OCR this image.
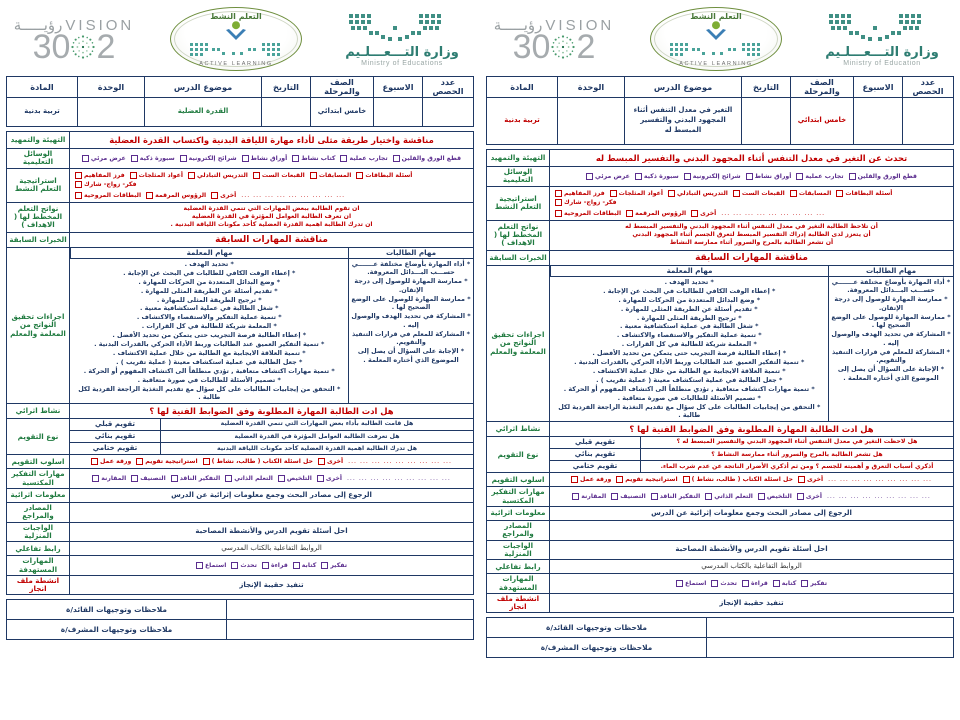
رؤيـــــة VISION
2
30
التعلم النشط
ACTIVE LEARNING
وزارة التـــعـــلـيم
Ministry of Education
عدد الحصص	الاسبوع	الصف والمرحلة	التاريخ	موضوع الدرس	الوحدة	المادة
		خامس ابتدائي		التغير في معدل التنفس أثناء المجهود البدني والتفسير المبسط له		تربية بدنية
تحدث عن التغير في معدل التنفس أثناء المجهود البدني والتفسير المبسط له	التهيئة والتمهيد

عرض مرئي سبورة ذكية شرائح إلكترونية أوراق نشاط تجارب عملية قطع الورق والقلين
	الوسائل التعليمية

فرز المفاهيم أعواد المثلجات التدريس التبادلي القبعات الست المسابقات أسئلة البطاقات
فكر- زواج- شارك
البطاقات المروحية الرؤوس المرقمة أخرى ... ... ... ... ... ... ... ... ...
	استراتيجية التعلم النشط

أن تلاحظ الطالبة التغير في معدل التنفس أثناء المجهود البدني والتفسير المبسط له
أن يتعزز لدى الطالبة إدراك التفسير المبسط لتعرق الجسم أثناء المجهود البدني
أن تشعر الطالبة بالمرح والسرور أثناء ممارسة النشاط
	نواتج التعلم المخطط لها ( الاهداف )
مناقشة المهارات السابقة	الخبرات السابقة

مهام الطالبات	مهام المعلمة

* أداء المهارة بأوضاع مختلفة عـــــــي حســـب البـــدائل المعروفة.
* ممارسة المهارة للوصول إلى درجة الإتقان.
* ممارسة المهارة للوصول على الوضع الصحيح لها .
* المشاركة في تحديد الهدف والوصول إليه .
* المشاركة للمعلم في قرارات التنفيذ والتقويم.
* الإجابة على السؤال أن يصل إلى الموضوع الذي أختاره المعلمة .

* تحديد الهدف .
* إعطاء الوقت الكافي للطالبات في البحث عن الإجابة .
* وضع البدائل المتعددة من الحركات للمهارة .
* تقديم أسئلة عن الطريقة المثلى للمهارة .
* ترجيح الطريقة المثلى للمهارة .
* شغل الطالبة في عملية استكشافية معنية .
* تنمية عملية التفكير والاستقصاء والاكتشاف .
* المعلمة شريكة للطالبة في كل القرارات .
* إعطاء الطالبة فرصة التجريب حتى يتمكن من تحديد الأفضل .
* تنمية التفكير العميق عند الطالبات وربط الأداء الحركي بالقدرات البدنية .
* تنمية العلاقة الايجابية مع الطالبة من خلال عملية الاكتشاف .
* جعل الطالبة في عملية استكشاف معينة ( عملية تقريب ) .
* تنمية مهارات اكتشاف متعاقبة , تؤدي منطلقاً الى اكتشاف المفهوم أو الحركة .
* تصميم الأسئلة للطالبات في صورة متعاقبة .
* التحقق من إيجابيات الطالبات على كل سؤال مع تقديم التغذية الراجعة الفردية لكل طالبة .
	اجراءات تحقيق النواتج من المعلمة والمعلم
هل ادت الطالبة المهارة المطلوبة وفق الضوابط الفنية لها ؟	نشاط اثرائي

هل لاحظت التغير في معدل التنفس أثناء المجهود البدني والتفسير المبسط له ؟	تقويم قبلي
	نوع التقويم	هل تشعر الطالبة بالمرح والسرور أثناء ممارسة النشاط ؟	تقويم بنائي

أذكري أسباب التعرق و أهميته للجسم ؟ ومن ثم أذكري الأضرار الناتجة عن عدم شرب الماء.	تقويم ختامي

ورقة عمل استراتيجية تقويم حل اسئلة الكتاب ( طالب، نشاط ) أخرى ... ... ... ... ... ... ... ... ...
	اسلوب التقويم

المقارنة التصنيف التفكير الناقد التعلم الذاتي التلخيص أخرى ... ... ... ... ... ... ... ... ...
	مهارات التفكير المكتسبة
الرجوع إلى مصادر البحث وجمع معلومات إثرائية عن الدرس	معلومات اثرائية
	المصادر والمراجع
احل أسئلة تقويم الدرس والأنشطة المصاحبة	الواجبات المنزلية
الروابط التفاعلية بالكتاب المدرسي	رابط تفاعلي

استماع تحدث قراءة كتابة تفكير
	المهارات المستهدفة
تنفيذ حقيبة الإنجاز	انشطة ملف انجاز
	ملاحظات وتوجيهات القائد/ة
	ملاحظات وتوجيهات المشرف/ة
رؤيـــــة VISION
2
30
التعلم النشط
ACTIVE LEARNING
وزارة التـــعـــلـيم
Ministry of Educations
عدد الحصص	الاسبوع	الصف والمرحلة	التاريخ	موضوع الدرس	الوحدة	المادة
		خامس ابتدائي		القدرة العضلية		تربية بدنية
مناقشة واختيار طريقة مثلى لأداء مهارة اللياقة البدنية واكتساب القدرة العضلية	التهيئة والتمهيد

عرض مرئي سبورة ذكية شرائح إلكترونية أوراق نشاط كتاب نشاط تجارب عملية قطع الورق والقلين
	الوسائل التعليمية

فرز المفاهيم أعواد المثلجات التدريس التبادلي القبعات الست المسابقات أسئلة البطاقات
فكر- زواج- شارك
البطاقات المروحية الرؤوس المرقمة أخرى ... ... ... ... ... ... ... ... ...
	استراتيجية التعلم النشط

ان تقوم الطالبة ببعض المهارات التي تنمي القدرة العضلية
ان تعرف الطالبة العوامل المؤثرة في القدرة العضلية
ان تدرك الطالبة اهمية القدرة العضلية كأحد مكونات اللياقة البدنية .
	نواتج التعلم المخطط لها ( الاهداف )
مناقشة المهارات السابقة	الخبرات السابقة

مهام الطالبات	مهام المعلمة

* أداء المهارة بأوضاع مختلفة عـــــــي حســـب البـــدائل المعروفة.
* ممارسة المهارة للوصول إلى درجة الإتقان.
* ممارسة المهارة للوصول على الوضع الصحيح لها .
* المشاركة في تحديد الهدف والوصول إليه .
* المشاركة للمعلم في قرارات التنفيذ والتقويم.
* الإجابة على السؤال أن يصل إلى الموضوع الذي أختاره المعلمة .

* تحديد الهدف .
* إعطاء الوقت الكافي للطالبات في البحث عن الإجابة .
* وضع البدائل المتعددة من الحركات للمهارة .
* تقديم أسئلة عن الطريقة المثلى للمهارة .
* ترجيح الطريقة المثلى للمهارة .
* شغل الطالبة في عملية استكشافية معنية .
* تنمية عملية التفكير والاستقصاء والاكتشاف .
* المعلمة شريكة للطالبة في كل القرارات .
* إعطاء الطالبة فرصة التجريب حتى يتمكن من تحديد الأفضل .
* تنمية التفكير العميق عند الطالبات وربط الأداء الحركي بالقدرات البدنية .
* تنمية العلاقة الايجابية مع الطالبة من خلال عملية الاكتشاف .
* جعل الطالبة في عملية استكشاف معينة ( عملية تقريب ) .
* تنمية مهارات اكتشاف متعاقبة , تؤدي منطلقاً الى اكتشاف المفهوم أو الحركة .
* تصميم الأسئلة للطالبات في صورة متعاقبة .
* التحقق من إيجابيات الطالبات على كل سؤال مع تقديم التغذية الراجعة الفردية لكل طالبة .
	اجراءات تحقيق النواتج من المعلمة والمعلم
هل ادت الطالبة المهارة المطلوبة وفق الضوابط الفنية لها ؟	نشاط اثرائي

هل قامت الطالبة بأداء بعض المهارات التي تنمي القدرة العضلية	تقويم قبلي
	نوع التقويم	هل تعرفت الطالبة العوامل المؤثرة في القدرة العضلية	تقويم بنائي

هل تدرك الطالبة اهمية القدرة العضلية كأحد مكونات اللياقة البدنية	تقويم ختامي

ورقة عمل استراتيجية تقويم حل اسئلة الكتاب ( طالب، نشاط ) أخرى ... ... ... ... ... ... ... ... ...
	اسلوب التقويم

المقارنة التصنيف التفكير الناقد التعلم الذاتي التلخيص أخرى ... ... ... ... ... ... ... ... ...
	مهارات التفكير المكتسبة
الرجوع إلى مصادر البحث وجمع معلومات إثرائية عن الدرس	معلومات اثرائية
	المصادر والمراجع
احل أسئلة تقويم الدرس والأنشطة المصاحبة	الواجبات المنزلية
الروابط التفاعلية بالكتاب المدرسي	رابط تفاعلي

استماع تحدث قراءة كتابة تفكير
	المهارات المستهدفة
تنفيذ حقيبة الإنجاز	انشطة ملف انجاز
	ملاحظات وتوجيهات القائد/ة
	ملاحظات وتوجيهات المشرف/ة
